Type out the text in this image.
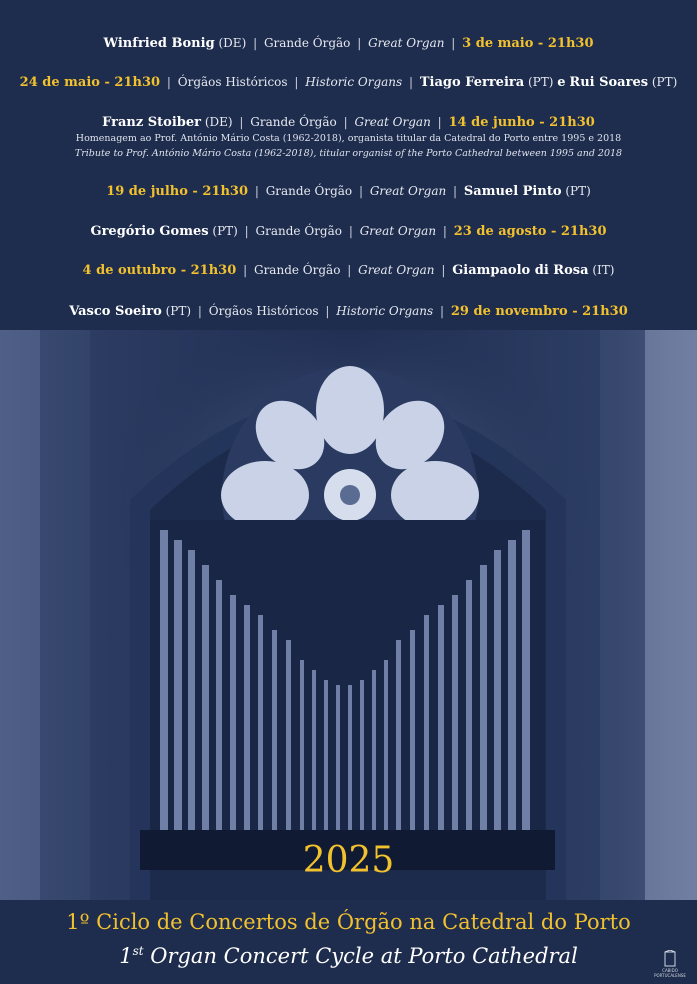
Winfried Bonig (DE) | Grande Órgão | Great Organ | 3 de maio - 21h30
24 de maio - 21h30 | Órgãos Históricos | Historic Organs | Tiago Ferreira (PT) e Rui Soares (PT)
Franz Stoiber (DE) | Grande Órgão | Great Organ | 14 de junho - 21h30
Homenagem ao Prof. António Mário Costa (1962-2018), organista titular da Catedral do Porto entre 1995 e 2018
Tribute to Prof. António Mário Costa (1962-2018), titular organist of the Porto Cathedral between 1995 and 2018
19 de julho - 21h30 | Grande Órgão | Great Organ | Samuel Pinto (PT)
Gregório Gomes (PT) | Grande Órgão | Great Organ | 23 de agosto - 21h30
4 de outubro - 21h30 | Grande Órgão | Great Organ | Giampaolo di Rosa (IT)
Vasco Soeiro (PT) | Órgãos Históricos | Historic Organs | 29 de novembro - 21h30
2025
1º Ciclo de Concertos de Órgão na Catedral do Porto
1st Organ Concert Cycle at Porto Cathedral
CABIDO PORTUCALENSE
